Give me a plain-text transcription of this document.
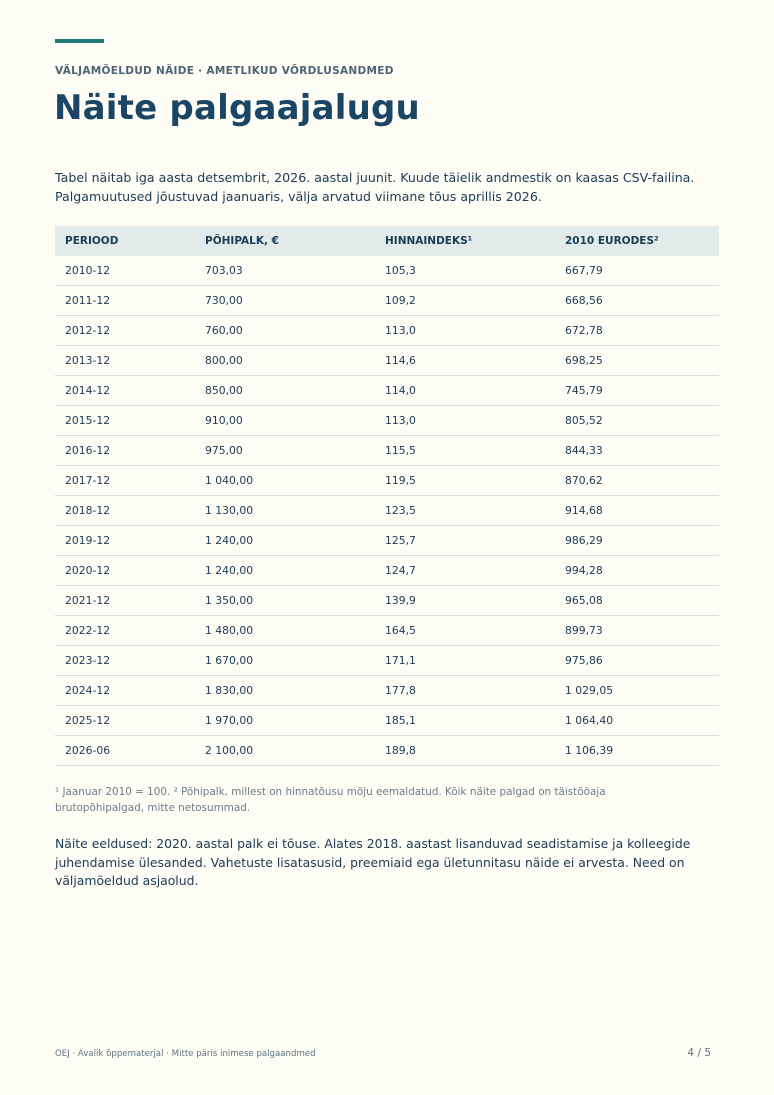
VÄLJAMÕELDUD NÄIDE · AMETLIKUD VÕRDLUSANDMED
Näite palgaajalugu

Tabel näitab iga aasta detsembrit, 2026. aastal juunit. Kuude täielik andmestik on kaasas CSV-failina.

Palgamuutused jõustuvad jaanuaris, välja arvatud viimane tõus aprillis 2026.

PERIOOD	PÕHIPALK, €	HINNAINDEKS¹	2010 EURODES²
2010-12	703,03	105,3	667,79
2011-12	730,00	109,2	668,56
2012-12	760,00	113,0	672,78
2013-12	800,00	114,6	698,25
2014-12	850,00	114,0	745,79
2015-12	910,00	113,0	805,52
2016-12	975,00	115,5	844,33
2017-12	1 040,00	119,5	870,62
2018-12	1 130,00	123,5	914,68
2019-12	1 240,00	125,7	986,29
2020-12	1 240,00	124,7	994,28
2021-12	1 350,00	139,9	965,08
2022-12	1 480,00	164,5	899,73
2023-12	1 670,00	171,1	975,86
2024-12	1 830,00	177,8	1 029,05
2025-12	1 970,00	185,1	1 064,40
2026-06	2 100,00	189,8	1 106,39
¹ Jaanuar 2010 = 100. ² Põhipalk, millest on hinnatõusu mõju eemaldatud. Kõik näite palgad on täistööaja
brutopõhipalgad, mitte netosummad.
Näite eeldused: 2020. aastal palk ei tõuse. Alates 2018. aastast lisanduvad seadistamise ja kolleegide
juhendamise ülesanded. Vahetuste lisatasusid, preemiaid ega ületunnitasu näide ei arvesta. Need on
väljamõeldud asjaolud.
OEJ · Avalik õppematerjal · Mitte päris inimese palgaandmed	4 / 5
